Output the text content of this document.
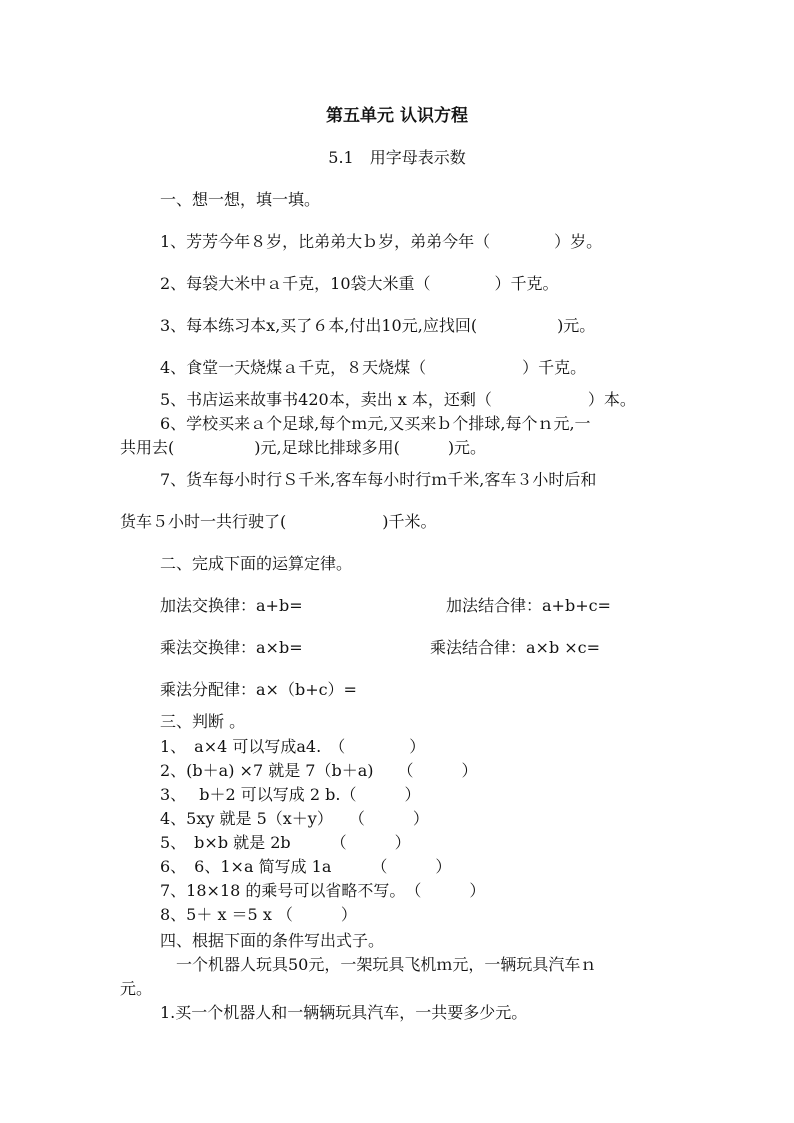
第五单元 认识方程
5.1　用字母表示数
一、想一想，填一填。
1、芳芳今年８岁，比弟弟大ｂ岁，弟弟今年（　　　　）岁。
2、每袋大米中ａ千克，10袋大米重（　　　　）千克。
3、每本练习本x,买了６本,付出10元,应找回(　　　　　)元。
4、食堂一天烧煤ａ千克，８天烧煤（　　　　　　）千克。
5、书店运来故事书420本，卖出 x 本，还剩（　　　　　　）本。
6、学校买来ａ个足球,每个ｍ元,又买来ｂ个排球,每个ｎ元,一
共用去(　　　　　)元,足球比排球多用(　　　)元。
7、货车每小时行Ｓ千米,客车每小时行ｍ千米,客车３小时后和
货车５小时一共行驶了(　　　　　　)千米。
二、完成下面的运算定律。
加法交换律：a+b=	加法结合律：a+b+c=
乘法交换律：a×b=	乘法结合律：a×b ×c=
乘法分配律：a×（b+c）=
三、判断 。
1、　a×4 可以写成a4.　（　　　　）
2、(b＋a) ×7 就是 7（b＋a)　　（　　　）
3、　 b＋2 可以写成 2 b.（　　　）
4、5xy 就是 5（x＋y）　　（　　　）
5、　b×b 就是 2b　　　（　　　）
6、　6、1×a 简写成 1a　　　（　　　）
7、18×18 的乘号可以省略不写。　（　　　）
8、5＋ x ＝5 x （　　　）
四、根据下面的条件写出式子。
一个机器人玩具50元，一架玩具飞机ｍ元，一辆玩具汽车ｎ
元。
1.买一个机器人和一辆辆玩具汽车，一共要多少元。
